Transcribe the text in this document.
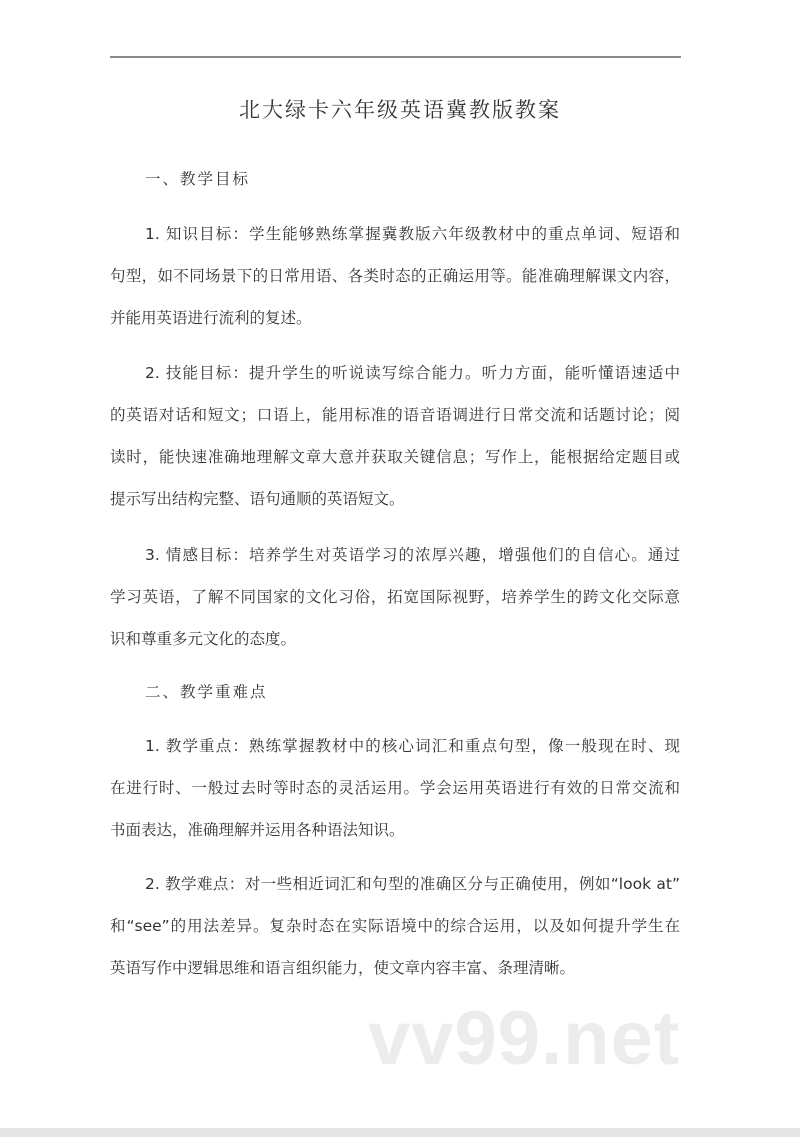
北大绿卡六年级英语冀教版教案
一、教学目标
1. 知识目标：学生能够熟练掌握冀教版六年级教材中的重点单词、短语和
句型，如不同场景下的日常用语、各类时态的正确运用等。能准确理解课文内容，
并能用英语进行流利的复述。
2. 技能目标：提升学生的听说读写综合能力。听力方面，能听懂语速适中
的英语对话和短文；口语上，能用标准的语音语调进行日常交流和话题讨论；阅
读时，能快速准确地理解文章大意并获取关键信息；写作上，能根据给定题目或
提示写出结构完整、语句通顺的英语短文。
3. 情感目标：培养学生对英语学习的浓厚兴趣，增强他们的自信心。通过
学习英语，了解不同国家的文化习俗，拓宽国际视野，培养学生的跨文化交际意
识和尊重多元文化的态度。
二、教学重难点
1. 教学重点：熟练掌握教材中的核心词汇和重点句型，像一般现在时、现
在进行时、一般过去时等时态的灵活运用。学会运用英语进行有效的日常交流和
书面表达，准确理解并运用各种语法知识。
2. 教学难点：对一些相近词汇和句型的准确区分与正确使用，例如“look at”
和“see”的用法差异。复杂时态在实际语境中的综合运用，以及如何提升学生在
英语写作中逻辑思维和语言组织能力，使文章内容丰富、条理清晰。
vv99.net
